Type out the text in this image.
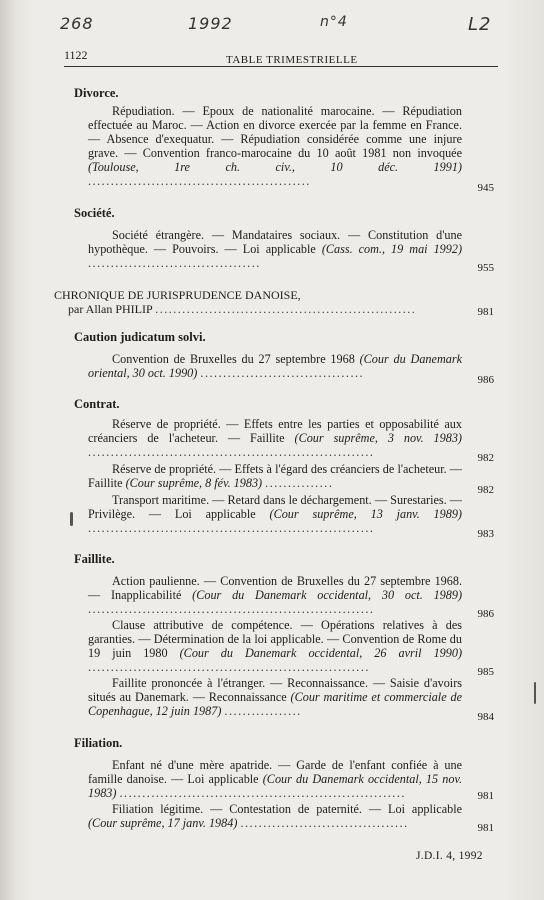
268	1992	n°4	L2
1122	TABLE TRIMESTRIELLE
Divorce.
Répudiation. — Epoux de nationalité marocaine. — Répudiation effectuée au Maroc. — Action en divorce exercée par la femme en France. — Absence d'exequatur. — Répudiation considérée comme une injure grave. — Convention franco-marocaine du 10 août 1981 non invoquée (Toulouse, 1re ch. civ., 10 déc. 1991) .................................................	945
Société.
Société étrangère. — Mandataires sociaux. — Constitution d'une hypothèque. — Pouvoirs. — Loi applicable (Cass. com., 19 mai 1992) ......................................	955
CHRONIQUE DE JURISPRUDENCE DANOISE,
par Allan PHILIP ..........................................................	981
Caution judicatum solvi.
Convention de Bruxelles du 27 septembre 1968 (Cour du Danemark oriental, 30 oct. 1990) ....................................	986
Contrat.
Réserve de propriété. — Effets entre les parties et opposabilité aux créanciers de l'acheteur. — Faillite (Cour suprême, 3 nov. 1983) ...............................................................	982
Réserve de propriété. — Effets à l'égard des créanciers de l'acheteur. — Faillite (Cour suprême, 8 fév. 1983) ...............	982
Transport maritime. — Retard dans le déchargement. — Surestaries. — Privilège. — Loi applicable (Cour suprême, 13 janv. 1989) ...............................................................	983
Faillite.
Action paulienne. — Convention de Bruxelles du 27 septembre 1968. — Inapplicabilité (Cour du Danemark occidental, 30 oct. 1989) ...............................................................	986
Clause attributive de compétence. — Opérations relatives à des garanties. — Détermination de la loi applicable. — Convention de Rome du 19 juin 1980 (Cour du Danemark occidental, 26 avril 1990) ..............................................................	985
Faillite prononcée à l'étranger. — Reconnaissance. — Saisie d'avoirs situés au Danemark. — Reconnaissance (Cour maritime et commerciale de Copenhague, 12 juin 1987) .................	984
Filiation.
Enfant né d'une mère apatride. — Garde de l'enfant confiée à une famille danoise. — Loi applicable (Cour du Danemark occidental, 15 nov. 1983) ...............................................................	981
Filiation légitime. — Contestation de paternité. — Loi applicable (Cour suprême, 17 janv. 1984) .....................................	981
J.D.I. 4, 1992
